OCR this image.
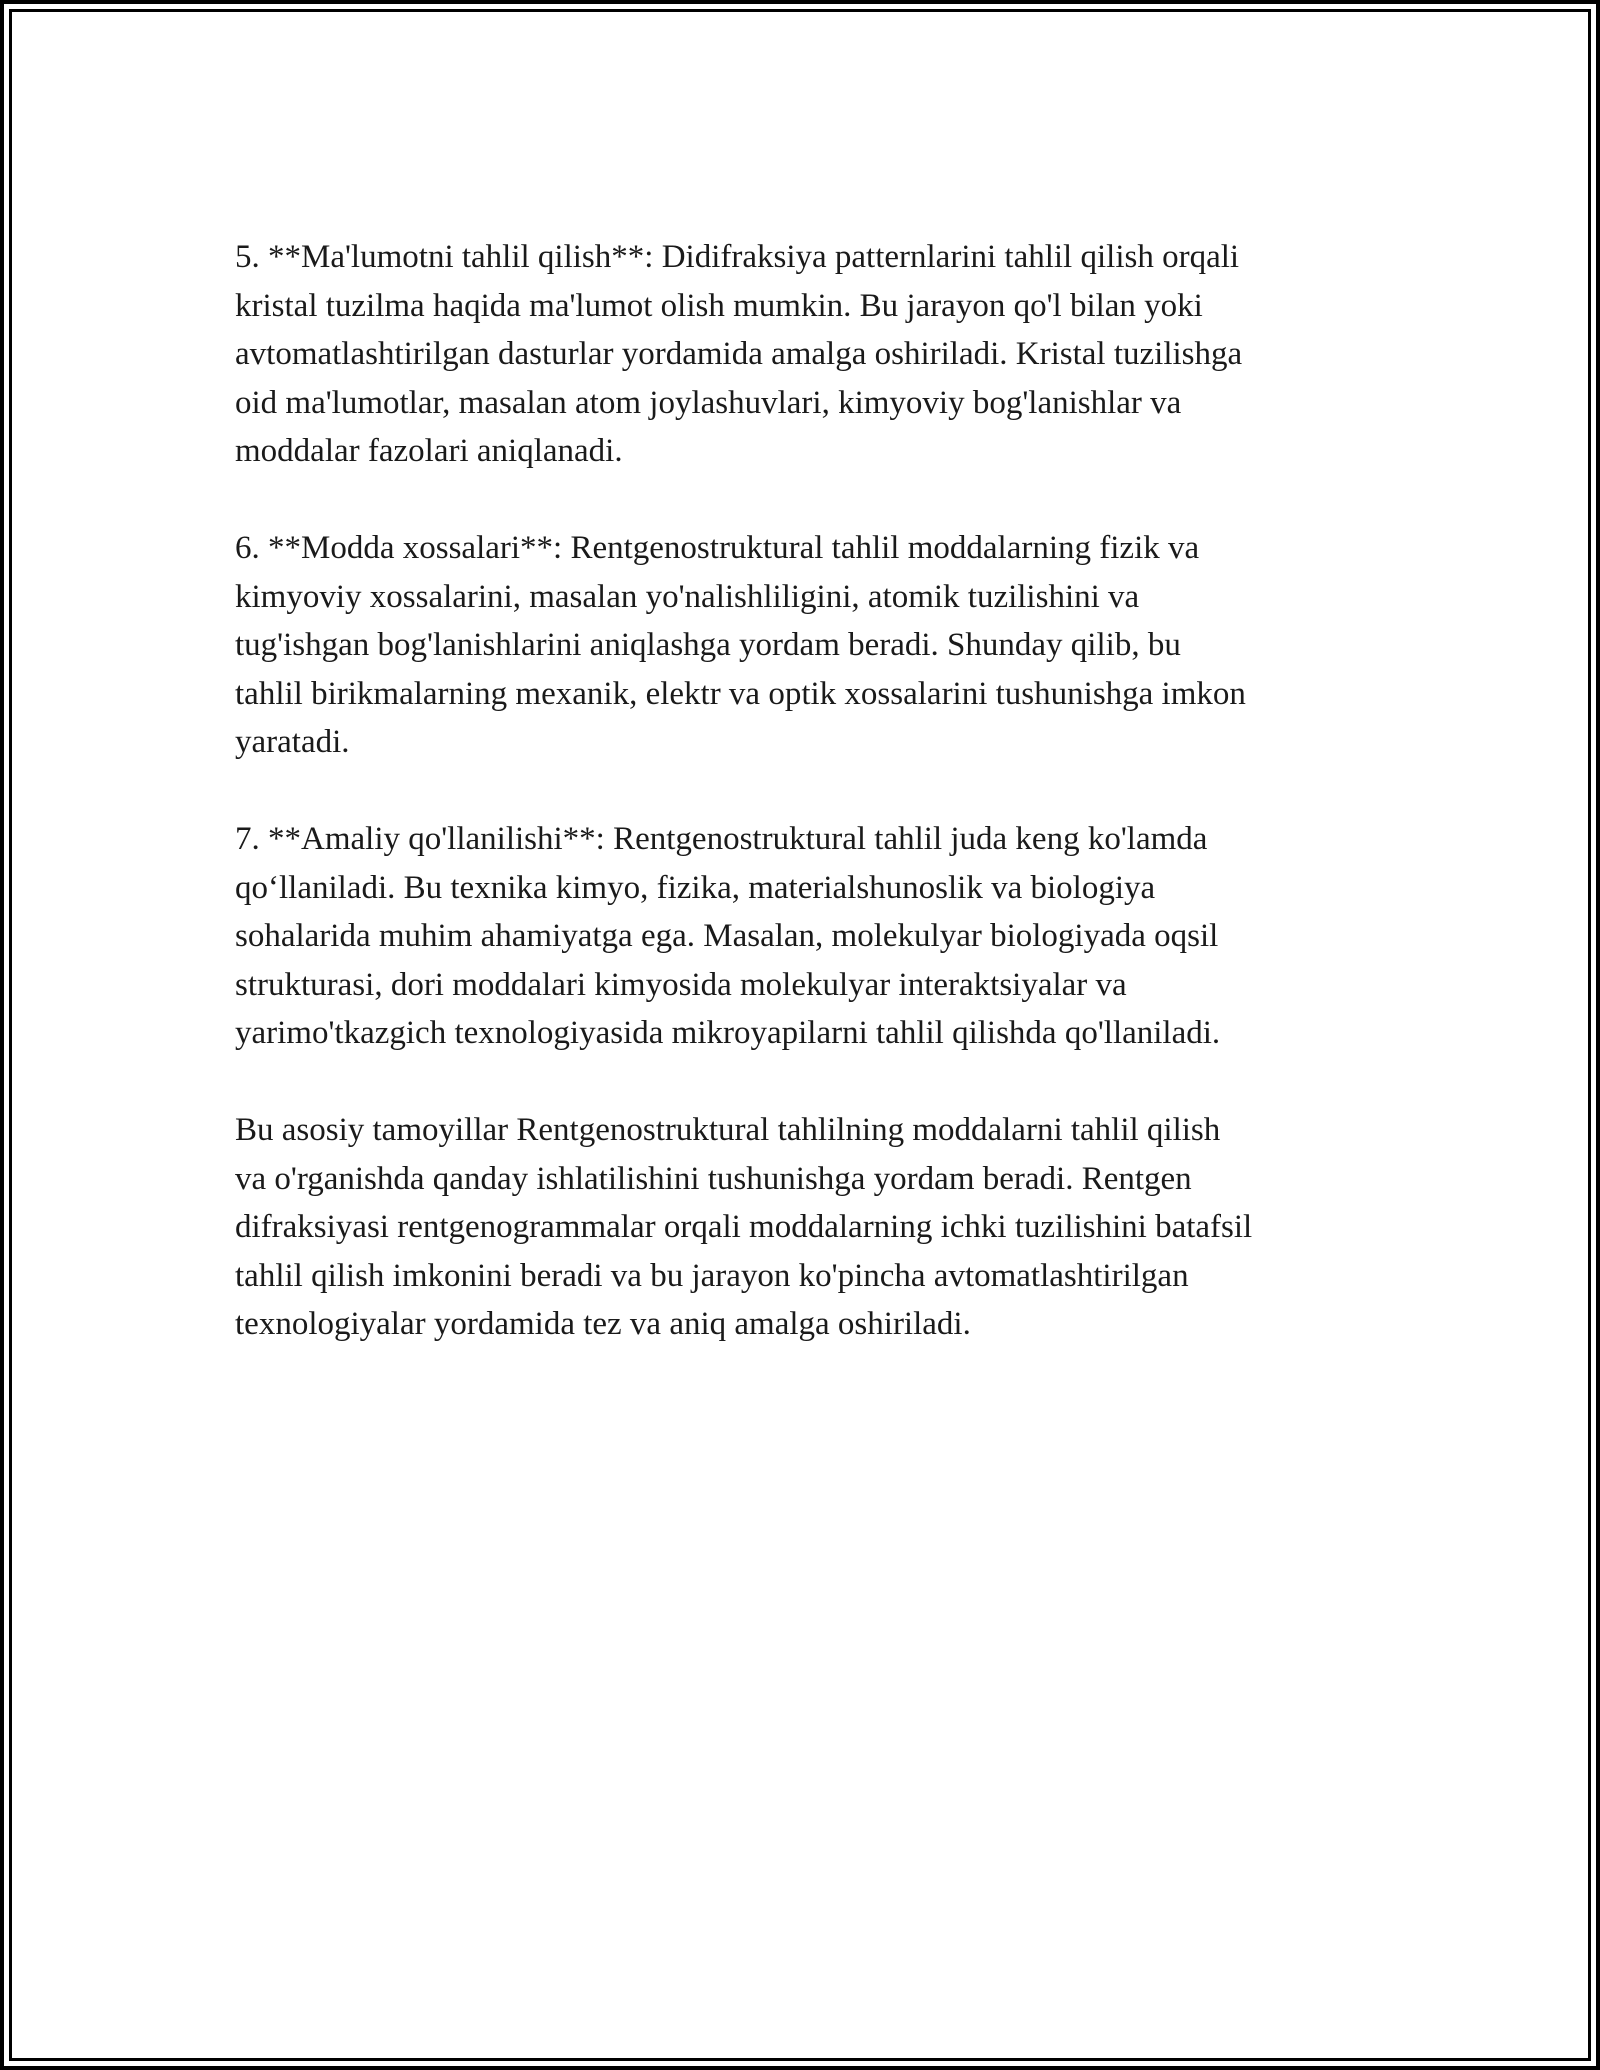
5. **Ma'lumotni tahlil qilish**: Didifraksiya patternlarini tahlil qilish orqali
kristal tuzilma haqida ma'lumot olish mumkin. Bu jarayon qo'l bilan yoki
avtomatlashtirilgan dasturlar yordamida amalga oshiriladi. Kristal tuzilishga
oid ma'lumotlar, masalan atom joylashuvlari, kimyoviy bog'lanishlar va
moddalar fazolari aniqlanadi.

6. **Modda xossalari**: Rentgenostruktural tahlil moddalarning fizik va
kimyoviy xossalarini, masalan yo'nalishliligini, atomik tuzilishini va
tug'ishgan bog'lanishlarini aniqlashga yordam beradi. Shunday qilib, bu
tahlil birikmalarning mexanik, elektr va optik xossalarini tushunishga imkon
yaratadi.

7. **Amaliy qo'llanilishi**: Rentgenostruktural tahlil juda keng ko'lamda
qo‘llaniladi. Bu texnika kimyo, fizika, materialshunoslik va biologiya
sohalarida muhim ahamiyatga ega. Masalan, molekulyar biologiyada oqsil
strukturasi, dori moddalari kimyosida molekulyar interaktsiyalar va
yarimo'tkazgich texnologiyasida mikroyapilarni tahlil qilishda qo'llaniladi.

Bu asosiy tamoyillar Rentgenostruktural tahlilning moddalarni tahlil qilish
va o'rganishda qanday ishlatilishini tushunishga yordam beradi. Rentgen
difraksiyasi rentgenogrammalar orqali moddalarning ichki tuzilishini batafsil
tahlil qilish imkonini beradi va bu jarayon ko'pincha avtomatlashtirilgan
texnologiyalar yordamida tez va aniq amalga oshiriladi.
